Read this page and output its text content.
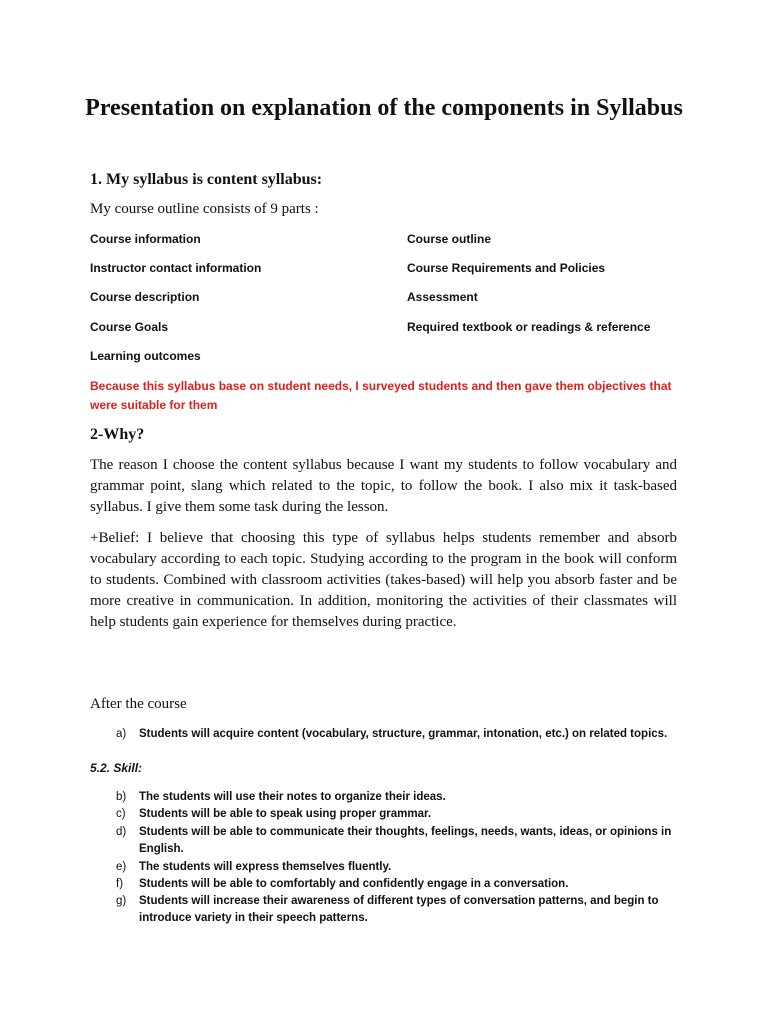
Presentation on explanation of the components in Syllabus
1. My syllabus is content syllabus:
My course outline consists of 9 parts :
Course information
Instructor contact information
Course description
Course Goals
Learning outcomes
Course outline
Course Requirements and Policies
Assessment
Required textbook or readings & reference
Because this syllabus base on student needs, I surveyed students and then gave them objectives that were suitable for them
2-Why?

The reason I choose the content syllabus because I want my students to follow vocabulary and grammar point, slang which related to the topic, to follow the book. I also mix it task-based syllabus. I give them some task during the lesson.

+Belief: I believe that choosing this type of syllabus helps students remember and absorb vocabulary according to each topic. Studying according to the program in the book will conform to students. Combined with classroom activities (takes-based) will help you absorb faster and be more creative in communication. In addition, monitoring the activities of their classmates will help students gain experience for themselves during practice.

After the course
a) Students will acquire content (vocabulary, structure, grammar, intonation, etc.) on related topics.
5.2. Skill:
b) The students will use their notes to organize their ideas.
c) Students will be able to speak using proper grammar.
d) Students will be able to communicate their thoughts, feelings, needs, wants, ideas, or opinions in English.
e) The students will express themselves fluently.
f) Students will be able to comfortably and confidently engage in a conversation.
g) Students will increase their awareness of different types of conversation patterns, and begin to introduce variety in their speech patterns.
